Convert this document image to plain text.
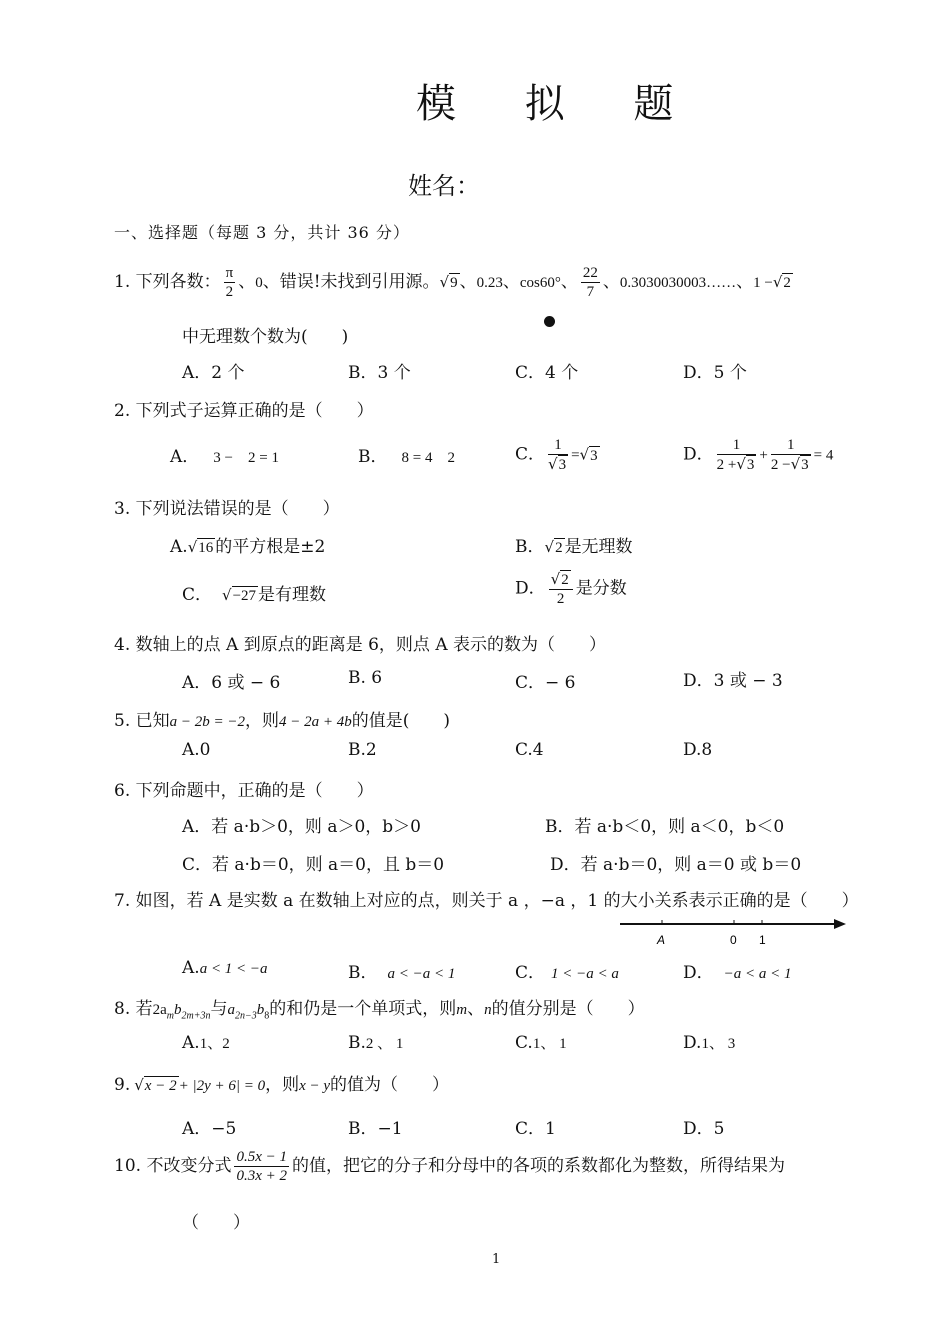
模 拟 题
姓名：
一、选择题（每题 3 分，共计 36 分）
1. 下列各数： $\frac{\pi}{2}$ 、0、错误!未找到引用源。√9 、0.23、cos60°、 $\frac{22}{7}$ 、0.3030030003……、1 −√2
中无理数个数为(　　)
A．2 个	B．3 个	C．4 个	D．5 个
2. 下列式子运算正确的是（　　）
A． 3 −　2 = 1	B． 8 = 4　2	C． $\frac{1}{√3} =√3$	D． $\frac{1}{2 +√3} + \frac{1}{2 -√3} = 4$
3. 下列说法错误的是（　　）
A.√16 的平方根是±2	B．√2 是无理数
C． √−27 是有理数	D． $\frac{√2}{2}$ 是分数
4. 数轴上的点 A 到原点的距离是 6，则点 A 表示的数为（　　）
A．6 或 − 6	B. 6	C．− 6	D．3 或 − 3
5. 已知a − 2b = −2，则4 − 2a + 4b的值是(　　)
A.0	B.2	C.4	D.8
6. 下列命题中，正确的是（　　）
A．若 a·b＞0，则 a＞0，b＞0	B．若 a·b＜0，则 a＜0，b＜0
C．若 a·b＝0，则 a＝0，且 b＝0	D．若 a·b＝0，则 a＝0 或 b＝0
7. 如图，若 A 是实数 a 在数轴上对应的点，则关于 a ，−a ，1 的大小关系表示正确的是（　　）
A	0 1
A.a < 1 < −a	B． a < −a < 1	C． 1 < −a < a	D． −a < a < 1
8. 若$2a_mb_{2m+3n}$与$a_{2n-3}b_8$的和仍是一个单项式，则m、n的值分别是（　　）
A.1、2	B.2 、 1	C.1、 1	D.1、 3
9. √x − 2 + |2y + 6| = 0，则x − y的值为（　　）
A．−5	B．−1	C．1	D．5
10. 不改变分式 $\frac{0.5x - 1}{0.3x + 2}$ 的值，把它的分子和分母中的各项的系数都化为整数，所得结果为
（　　）
1
